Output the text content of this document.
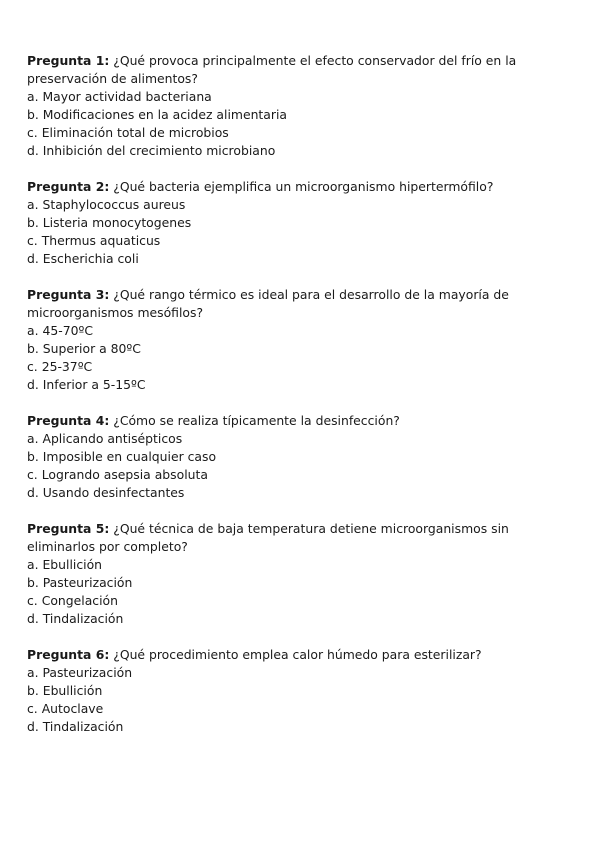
Pregunta 1: ¿Qué provoca principalmente el efecto conservador del frío en la preservación de alimentos?

a. Mayor actividad bacteriana

b. Modificaciones en la acidez alimentaria

c. Eliminación total de microbios

d. Inhibición del crecimiento microbiano

Pregunta 2: ¿Qué bacteria ejemplifica un microorganismo hipertermófilo?

a. Staphylococcus aureus

b. Listeria monocytogenes

c. Thermus aquaticus

d. Escherichia coli

Pregunta 3: ¿Qué rango térmico es ideal para el desarrollo de la mayoría de microorganismos mesófilos?

a. 45-70ºC

b. Superior a 80ºC

c. 25-37ºC

d. Inferior a 5-15ºC

Pregunta 4: ¿Cómo se realiza típicamente la desinfección?

a. Aplicando antisépticos

b. Imposible en cualquier caso

c. Logrando asepsia absoluta

d. Usando desinfectantes

Pregunta 5: ¿Qué técnica de baja temperatura detiene microorganismos sin eliminarlos por completo?

a. Ebullición

b. Pasteurización

c. Congelación

d. Tindalización

Pregunta 6: ¿Qué procedimiento emplea calor húmedo para esterilizar?

a. Pasteurización

b. Ebullición

c. Autoclave

d. Tindalización
